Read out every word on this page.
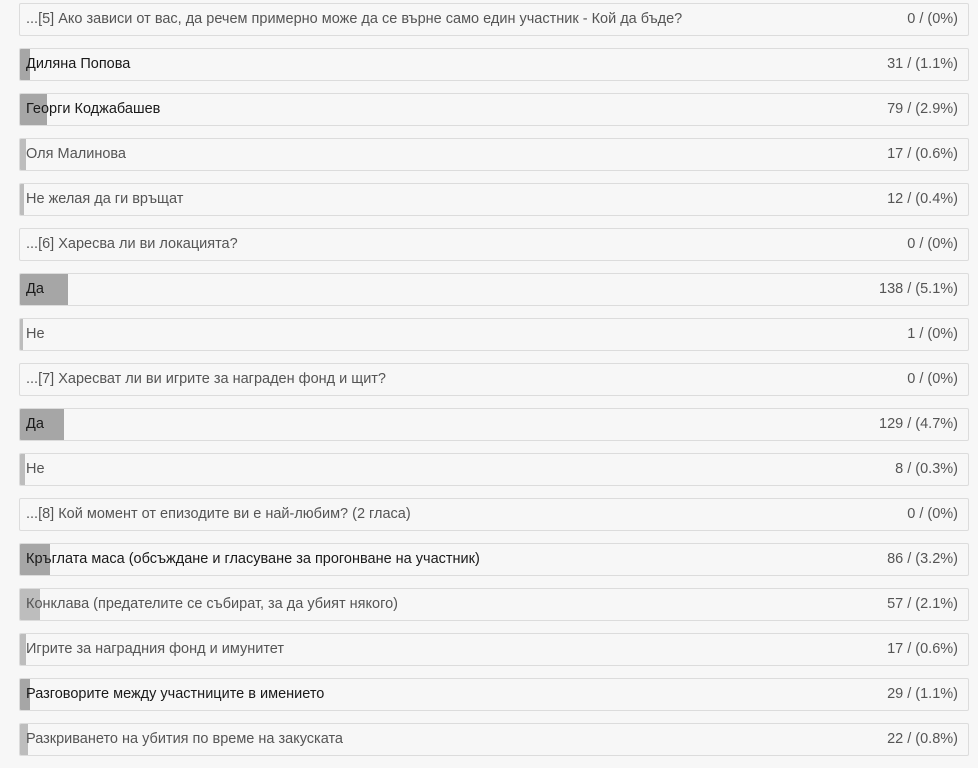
...[5] Ако зависи от вас, да речем примерно може да се върне само един участник - Кой да бъде?	0 / (0%)
Диляна Попова	31 / (1.1%)
Георги Коджабашев	79 / (2.9%)
Оля Малинова	17 / (0.6%)
Не желая да ги връщат	12 / (0.4%)
...[6] Харесва ли ви локацията?	0 / (0%)
Да	138 / (5.1%)
Не	1 / (0%)
...[7] Харесват ли ви игрите за награден фонд и щит?	0 / (0%)
Да	129 / (4.7%)
Не	8 / (0.3%)
...[8] Кой момент от епизодите ви е най-любим? (2 гласа)	0 / (0%)
Кръглата маса (обсъждане и гласуване за прогонване на участник)	86 / (3.2%)
Конклава (предателите се събират, за да убият някого)	57 / (2.1%)
Игрите за наградния фонд и имунитет	17 / (0.6%)
Разговорите между участниците в имението	29 / (1.1%)
Разкриването на убития по време на закуската	22 / (0.8%)
